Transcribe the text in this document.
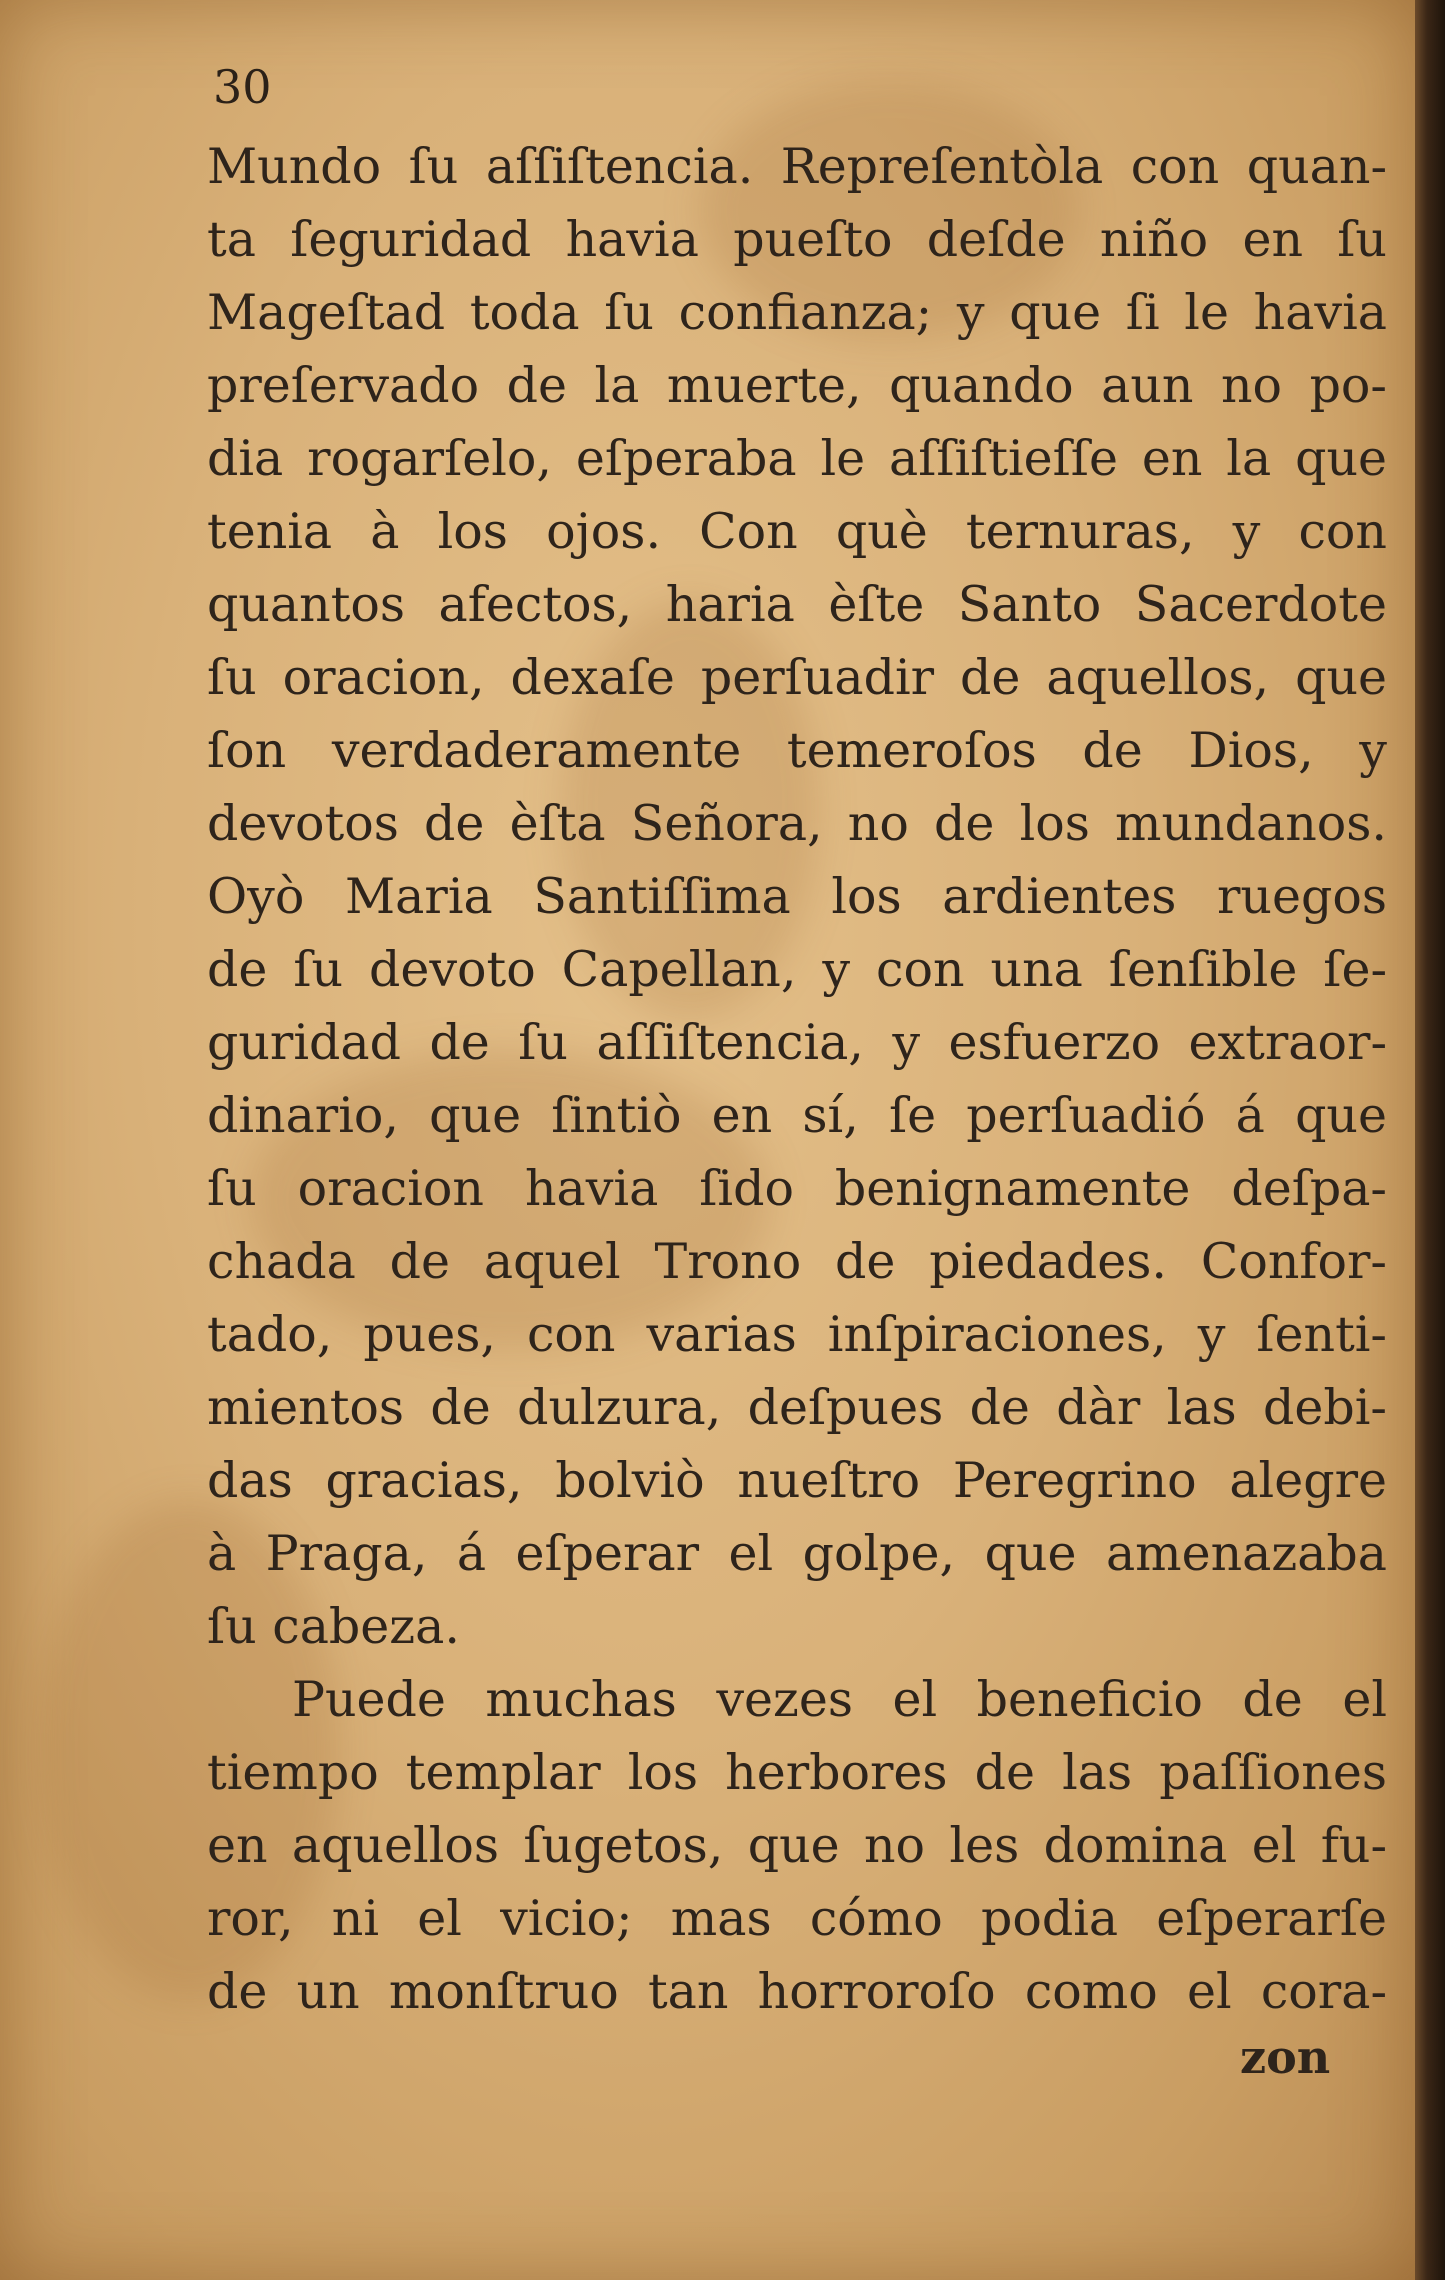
30
Mundo ſu aſſiſtencia. Repreſentòla con quan-
ta ſeguridad havia pueſto deſde niño en ſu
Mageſtad toda ſu confianza; y que ſi le havia
preſervado de la muerte, quando aun no po-
dia rogarſelo, eſperaba le aſſiſtieſſe en la que
tenia à los ojos. Con què ternuras, y con
quantos afectos, haria èſte Santo Sacerdote
ſu oracion, dexaſe perſuadir de aquellos, que
ſon verdaderamente temeroſos de Dios, y
devotos de èſta Señora, no de los mundanos.
Oyò Maria Santiſſima los ardientes ruegos
de ſu devoto Capellan, y con una ſenſible ſe-
guridad de ſu aſſiſtencia, y esfuerzo extraor-
dinario, que ſintiò en sí, ſe perſuadió á que
ſu oracion havia ſido benignamente deſpa-
chada de aquel Trono de piedades. Confor-
tado, pues, con varias inſpiraciones, y ſenti-
mientos de dulzura, deſpues de dàr las debi-
das gracias, bolviò nueſtro Peregrino alegre
à Praga, á eſperar el golpe, que amenazaba
ſu cabeza.
Puede muchas vezes el beneficio de el
tiempo templar los herbores de las paſſiones
en aquellos ſugetos, que no les domina el fu-
ror, ni el vicio; mas cómo podia eſperarſe
de un monſtruo tan horroroſo como el cora-
zon
